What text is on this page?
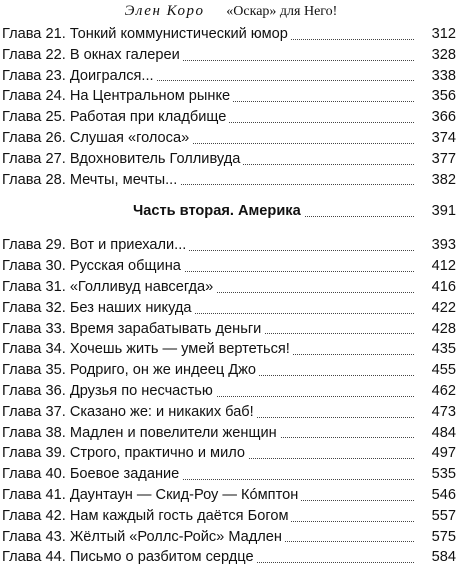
Элен Коро «Оскар» для Него!
Глава 21. Тонкий коммунистический юмор	312
Глава 22. В окнах галереи	328
Глава 23. Доигрался...	338
Глава 24. На Центральном рынке	356
Глава 25. Работая при кладбище	366
Глава 26. Слушая «голоса»	374
Глава 27. Вдохновитель Голливуда	377
Глава 28. Мечты, мечты...	382
Часть вторая. Америка	391
Глава 29. Вот и приехали...	393
Глава 30. Русская община	412
Глава 31. «Голливуд навсегда»	416
Глава 32. Без наших никуда	422
Глава 33. Время зарабатывать деньги	428
Глава 34. Хочешь жить — умей вертеться!	435
Глава 35. Родриго, он же индеец Джо	455
Глава 36. Друзья по несчастью	462
Глава 37. Сказано же: и никаких баб!	473
Глава 38. Мадлен и повелители женщин	484
Глава 39. Строго, практично и мило	497
Глава 40. Боевое задание	535
Глава 41. Даунтаун — Скид-Роу — Кóмптон	546
Глава 42. Нам каждый гость даётся Богом	557
Глава 43. Жёлтый «Роллс-Ройс» Мадлен	575
Глава 44. Письмо о разбитом сердце	584
